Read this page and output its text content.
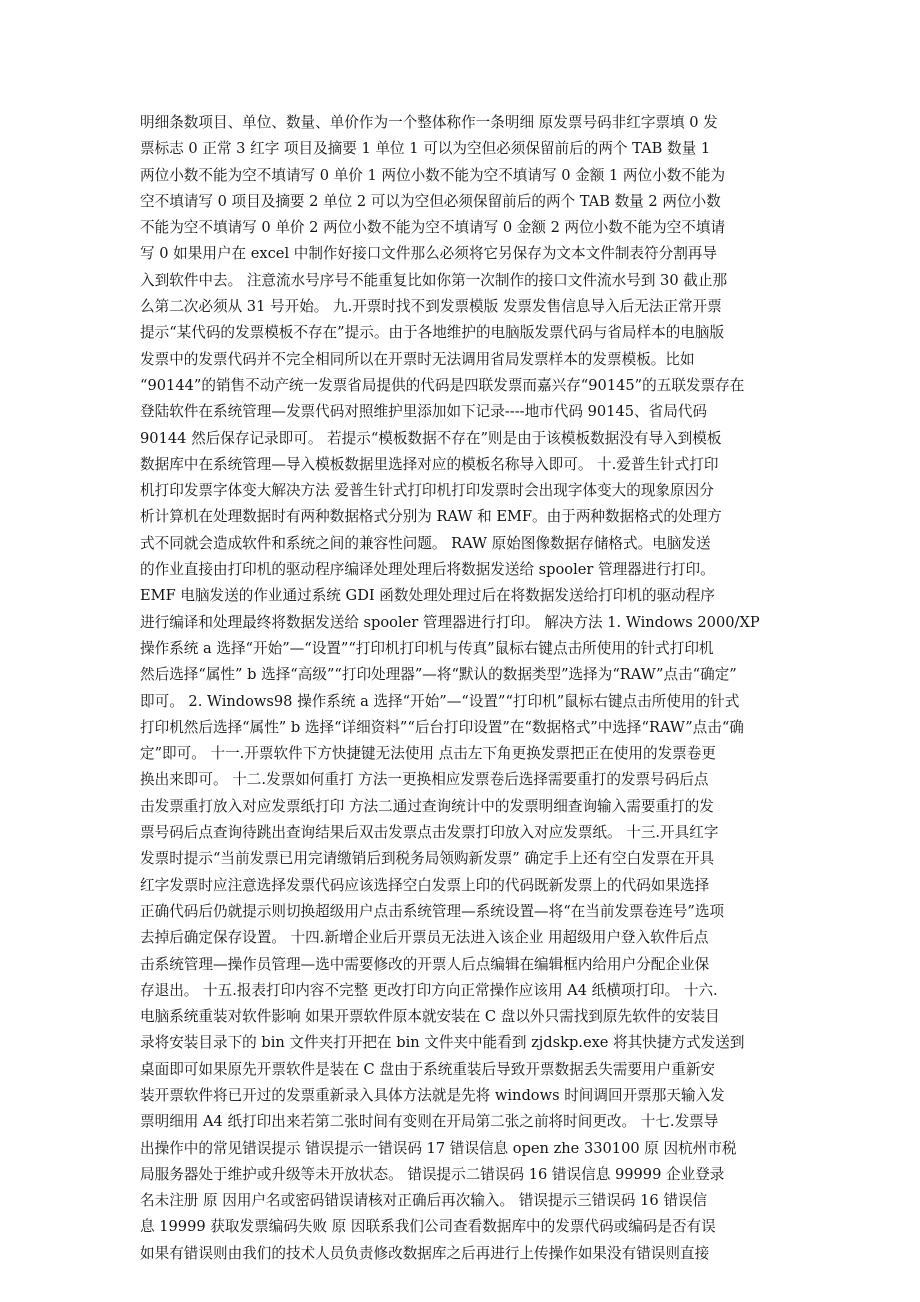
明细条数项目、单位、数量、单价作为一个整体称作一条明细 原发票号码非红字票填 0 发
票标志 0 正常 3 红字 项目及摘要 1 单位 1 可以为空但必须保留前后的两个 TAB 数量 1
两位小数不能为空不填请写 0 单价 1 两位小数不能为空不填请写 0 金额 1 两位小数不能为
空不填请写 0 项目及摘要 2 单位 2 可以为空但必须保留前后的两个 TAB 数量 2 两位小数
不能为空不填请写 0 单价 2 两位小数不能为空不填请写 0 金额 2 两位小数不能为空不填请
写 0 如果用户在 excel 中制作好接口文件那么必须将它另保存为文本文件制表符分割再导
入到软件中去。 注意流水号序号不能重复比如你第一次制作的接口文件流水号到 30 截止那
么第二次必须从 31 号开始。 九.开票时找不到发票模版 发票发售信息导入后无法正常开票
提示“某代码的发票模板不存在”提示。由于各地维护的电脑版发票代码与省局样本的电脑版
发票中的发票代码并不完全相同所以在开票时无法调用省局发票样本的发票模板。比如
“90144”的销售不动产统一发票省局提供的代码是四联发票而嘉兴存“90145”的五联发票存在
登陆软件在系统管理—发票代码对照维护里添加如下记录----地市代码 90145、省局代码
90144 然后保存记录即可。 若提示“模板数据不存在”则是由于该模板数据没有导入到模板
数据库中在系统管理—导入模板数据里选择对应的模板名称导入即可。 十.爱普生针式打印
机打印发票字体变大解决方法 爱普生针式打印机打印发票时会出现字体变大的现象原因分
析计算机在处理数据时有两种数据格式分别为 RAW 和 EMF。由于两种数据格式的处理方
式不同就会造成软件和系统之间的兼容性问题。 RAW 原始图像数据存储格式。电脑发送
的作业直接由打印机的驱动程序编译处理处理后将数据发送给 spooler 管理器进行打印。
EMF 电脑发送的作业通过系统 GDI 函数处理处理过后在将数据发送给打印机的驱动程序
进行编译和处理最终将数据发送给 spooler 管理器进行打印。 解决方法 1. Windows 2000/XP
操作系统 a 选择“开始”—“设置”“打印机打印机与传真”鼠标右键点击所使用的针式打印机
然后选择“属性” b 选择“高级”“打印处理器”—将“默认的数据类型”选择为“RAW”点击“确定”
即可。 2. Windows98 操作系统 a 选择“开始”—“设置”“打印机”鼠标右键点击所使用的针式
打印机然后选择“属性” b 选择“详细资料”“后台打印设置”在“数据格式”中选择“RAW”点击“确
定”即可。 十一.开票软件下方快捷键无法使用 点击左下角更换发票把正在使用的发票卷更
换出来即可。 十二.发票如何重打 方法一更换相应发票卷后选择需要重打的发票号码后点
击发票重打放入对应发票纸打印 方法二通过查询统计中的发票明细查询输入需要重打的发
票号码后点查询待跳出查询结果后双击发票点击发票打印放入对应发票纸。 十三.开具红字
发票时提示“当前发票已用完请缴销后到税务局领购新发票” 确定手上还有空白发票在开具
红字发票时应注意选择发票代码应该选择空白发票上印的代码既新发票上的代码如果选择
正确代码后仍就提示则切换超级用户点击系统管理—系统设置—将“在当前发票卷连号”选项
去掉后确定保存设置。 十四.新增企业后开票员无法进入该企业 用超级用户登入软件后点
击系统管理—操作员管理—选中需要修改的开票人后点编辑在编辑框内给用户分配企业保
存退出。 十五.报表打印内容不完整 更改打印方向正常操作应该用 A4 纸横项打印。 十六.
电脑系统重装对软件影响 如果开票软件原本就安装在 C 盘以外只需找到原先软件的安装目
录将安装目录下的 bin 文件夹打开把在 bin 文件夹中能看到 zjdskp.exe 将其快捷方式发送到
桌面即可如果原先开票软件是装在 C 盘由于系统重装后导致开票数据丢失需要用户重新安
装开票软件将已开过的发票重新录入具体方法就是先将 windows 时间调回开票那天输入发
票明细用 A4 纸打印出来若第二张时间有变则在开局第二张之前将时间更改。 十七.发票导
出操作中的常见错误提示 错误提示一错误码 17 错误信息 open zhe 330100 原 因杭州市税
局服务器处于维护或升级等未开放状态。 错误提示二错误码 16 错误信息 99999 企业登录
名未注册 原 因用户名或密码错误请核对正确后再次输入。 错误提示三错误码 16 错误信
息 19999 获取发票编码失败 原 因联系我们公司查看数据库中的发票代码或编码是否有误
如果有错误则由我们的技术人员负责修改数据库之后再进行上传操作如果没有错误则直接
